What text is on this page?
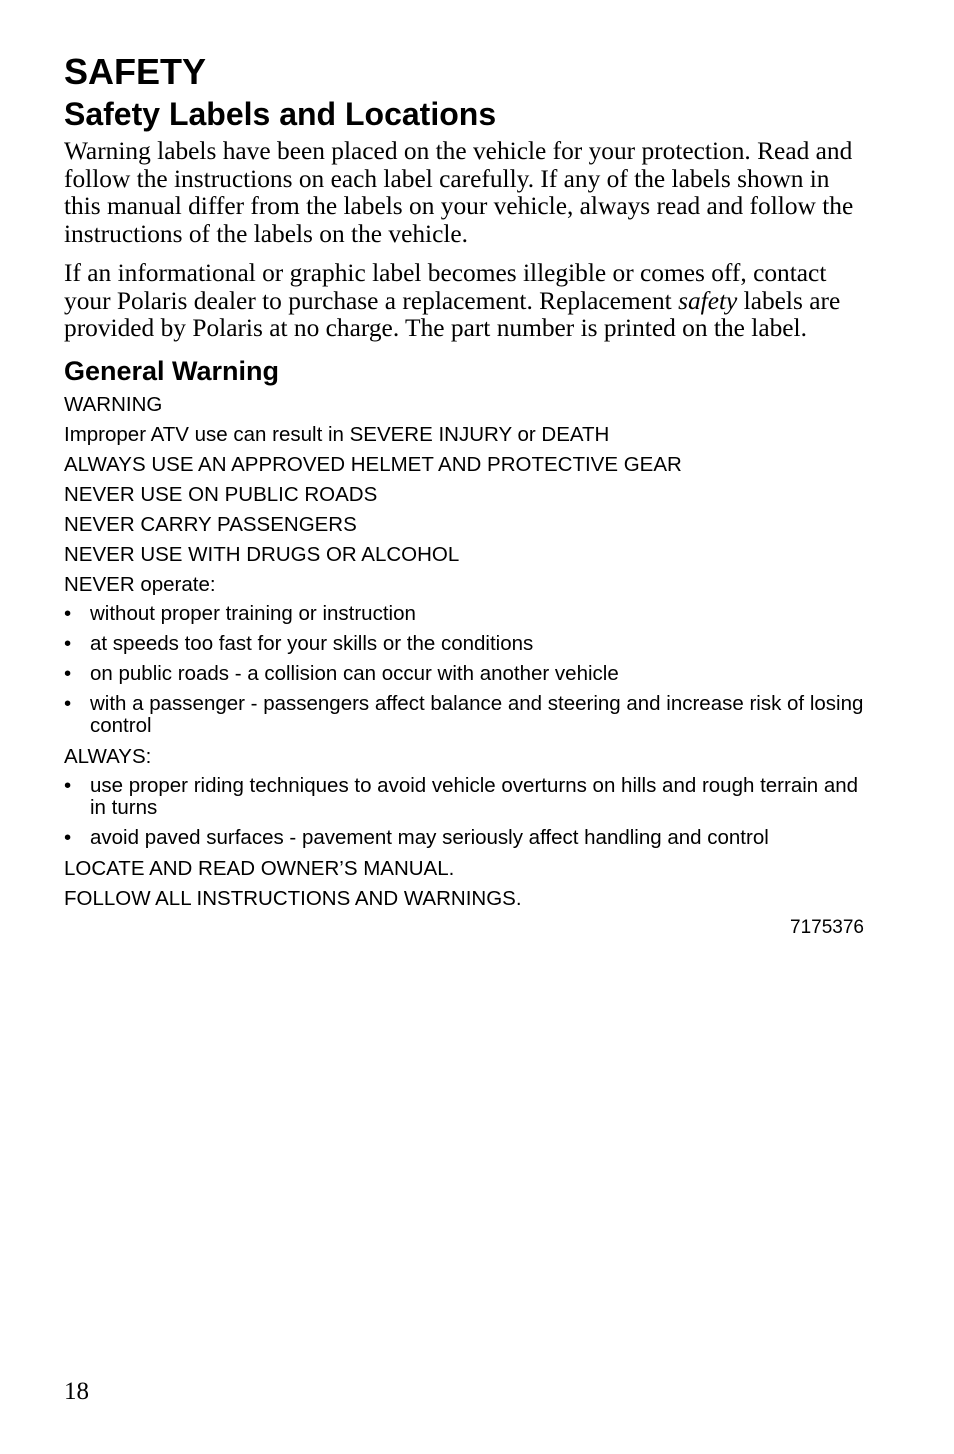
SAFETY
Safety Labels and Locations

Warning labels have been placed on the vehicle for your protection. Read and follow the instructions on each label carefully. If any of the labels shown in this manual differ from the labels on your vehicle, always read and follow the instructions of the labels on the vehicle.

If an informational or graphic label becomes illegible or comes off, contact your Polaris dealer to purchase a replacement. Replacement safety labels are provided by Polaris at no charge. The part number is printed on the label.

General Warning
WARNING
Improper ATV use can result in SEVERE INJURY or DEATH
ALWAYS USE AN APPROVED HELMET AND PROTECTIVE GEAR
NEVER USE ON PUBLIC ROADS
NEVER CARRY PASSENGERS
NEVER USE WITH DRUGS OR ALCOHOL
NEVER operate:
• without proper training or instruction
• at speeds too fast for your skills or the conditions
• on public roads - a collision can occur with another vehicle
• with a passenger - passengers affect balance and steering and increase risk of losing control
ALWAYS:
• use proper riding techniques to avoid vehicle overturns on hills and rough terrain and in turns
• avoid paved surfaces - pavement may seriously affect handling and control
LOCATE AND READ OWNER’S MANUAL.
FOLLOW ALL INSTRUCTIONS AND WARNINGS.
7175376
18
